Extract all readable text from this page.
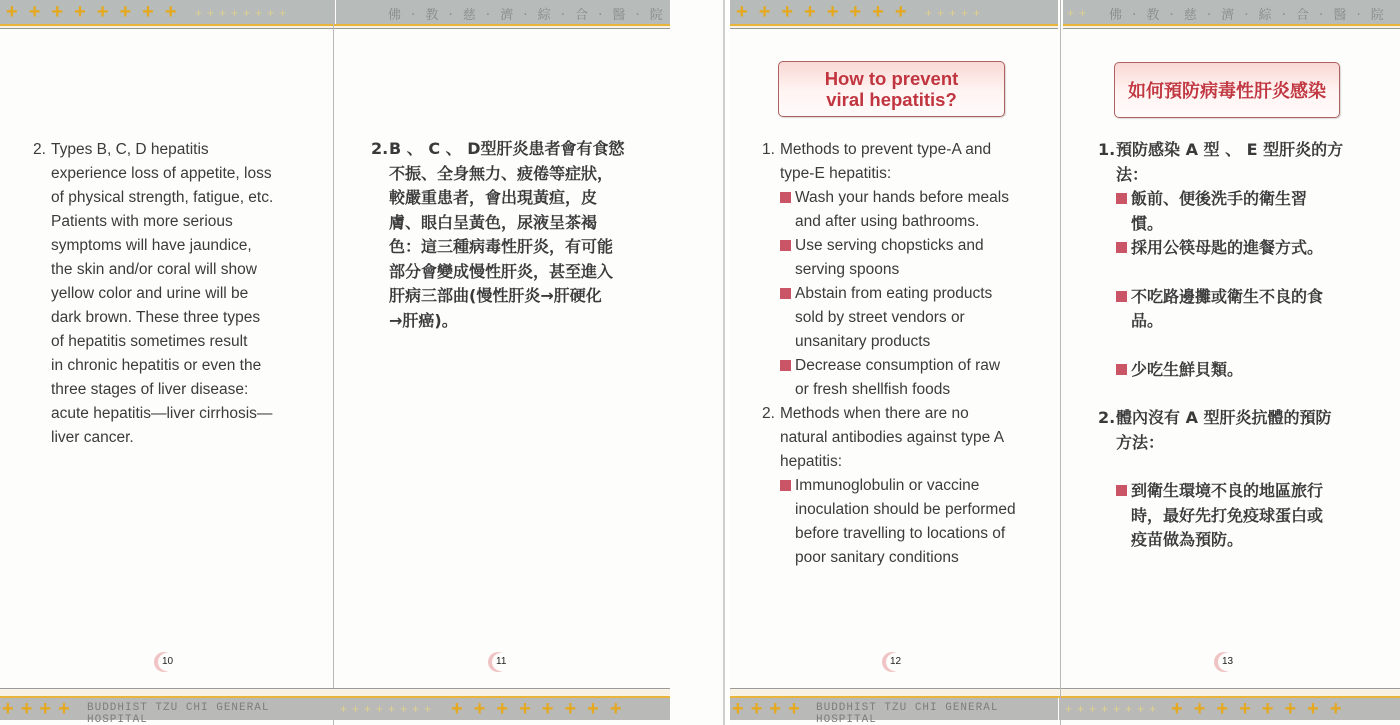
+ + + + + + + + + + + + + + + +	佛 · 教 · 慈 · 濟 · 綜 · 合 · 醫 · 院
2. Types B, C, D hepatitis
experience loss of appetite, loss
of physical strength, fatigue, etc.
Patients with more serious
symptoms will have jaundice,
the skin and/or coral will show
yellow color and urine will be
dark brown. These three types
of hepatitis sometimes result
in chronic hepatitis or even the
three stages of liver disease:
acute hepatitis—liver cirrhosis—
liver cancer.
2. B 、 C 、 D型肝炎患者會有食慾
不振、全身無力、疲倦等症狀，
較嚴重患者，會出現黃疸，皮
膚、眼白呈黃色，尿液呈茶褐
色：這三種病毒性肝炎，有可能
部分會變成慢性肝炎，甚至進入
肝病三部曲(慢性肝炎→肝硬化
→肝癌)。
10	11
+ + + + BUDDHIST TZU CHI GENERAL HOSPITAL
+ + + + + + + + + + + + + + + +
+ + + + + + + + + + + + +	+ + 佛 · 教 · 慈 · 濟 · 綜 · 合 · 醫 · 院
How to prevent
viral hepatitis?
1. Methods to prevent type-A and
type-E hepatitis:
Wash your hands before meals
and after using bathrooms.
Use serving chopsticks and
serving spoons
Abstain from eating products
sold by street vendors or
unsanitary products
Decrease consumption of raw
or fresh shellfish foods
2. Methods when there are no
natural antibodies against type A
hepatitis:
Immunoglobulin or vaccine
inoculation should be performed
before travelling to locations of
poor sanitary conditions
如何預防病毒性肝炎感染
1. 預防感染 A 型 、 E 型肝炎的方
法：
飯前、便後洗手的衛生習
慣。
採用公筷母匙的進餐方式。
不吃路邊攤或衛生不良的食
品。
少吃生鮮貝類。
2. 體內沒有 A 型肝炎抗體的預防
方法：
到衛生環境不良的地區旅行
時，最好先打免疫球蛋白或
疫苗做為預防。
12	13
+ + + + BUDDHIST TZU CHI GENERAL HOSPITAL
+ + + + + + + + + + + + + + + +
